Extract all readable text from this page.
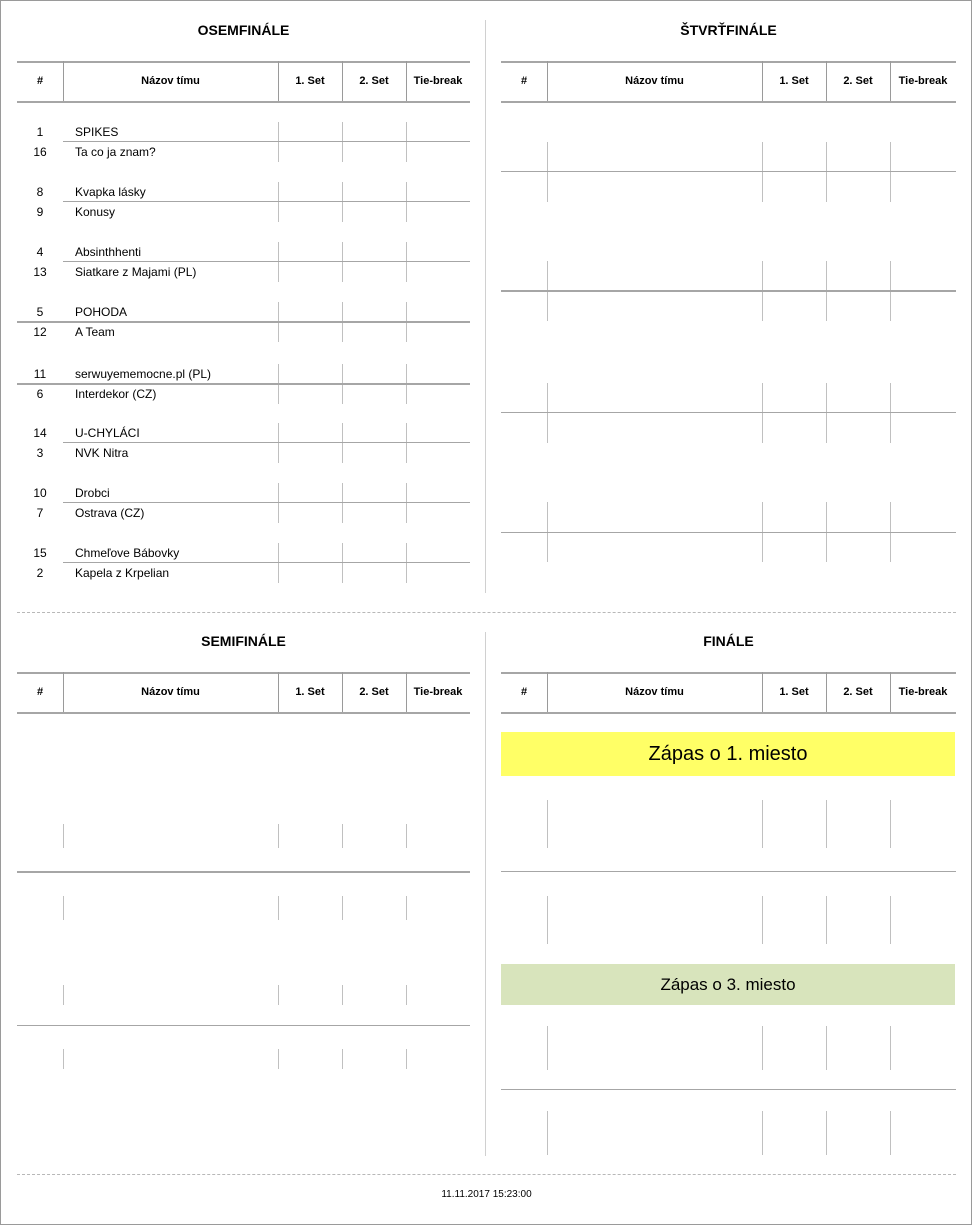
OSEMFINÁLE	ŠTVRŤFINÁLE
SEMIFINÁLE	FINÁLE
#	Názov tímu	1. Set	2. Set	Tie-break
1	SPIKES
16	Ta co ja znam?
8	Kvapka lásky
9	Konusy
4	Absinthhenti
13	Siatkare z Majami (PL)
5	POHODA
12	A Team
11	serwuyememocne.pl (PL)
6	Interdekor (CZ)
14	U-CHYLÁCI
3	NVK Nitra
10	Drobci
7	Ostrava (CZ)
15	Chmeľove Bábovky
2	Kapela z Krpelian
#	Názov tímu	1. Set	2. Set	Tie-break
#	Názov tímu	1. Set	2. Set	Tie-break	#	Názov tímu	1. Set	2. Set	Tie-break
Zápas o 1. miesto
Zápas o 3. miesto
11.11.2017 15:23:00
